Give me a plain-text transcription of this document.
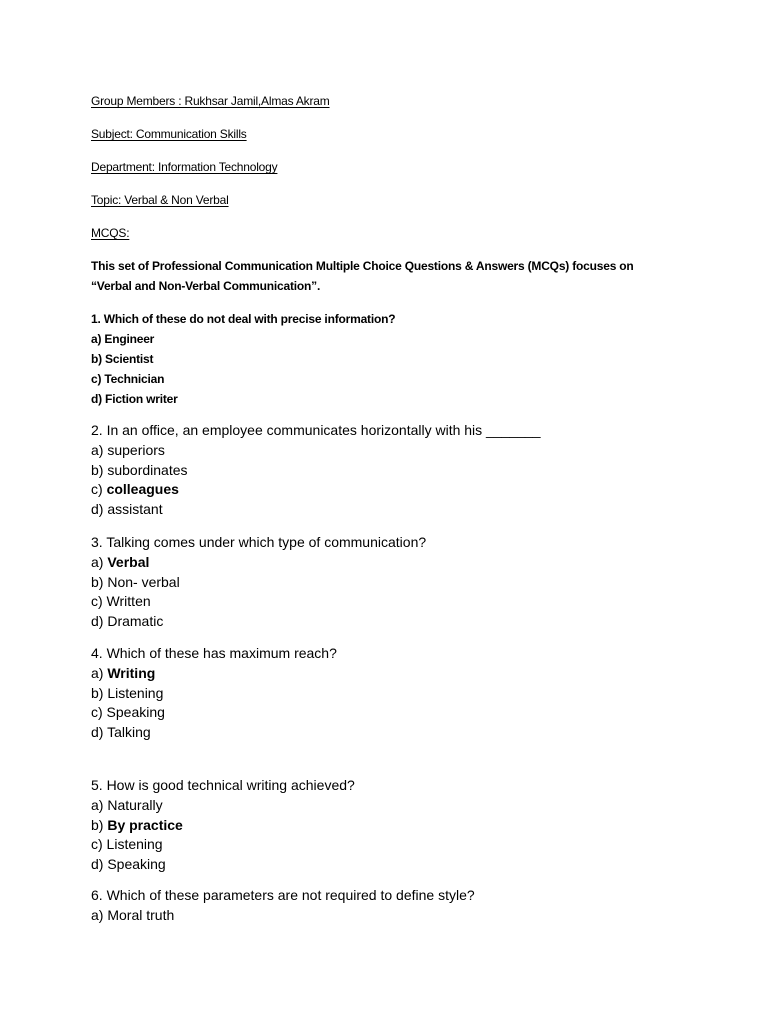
Group Members : Rukhsar Jamil,Almas Akram
Subject: Communication Skills
Department: Information Technology
Topic: Verbal & Non Verbal
MCQS:
This set of Professional Communication Multiple Choice Questions & Answers (MCQs) focuses on
“Verbal and Non-Verbal Communication”.
1. Which of these do not deal with precise information?
a) Engineer
b) Scientist
c) Technician
d) Fiction writer
2. In an office, an employee communicates horizontally with his _______
a) superiors
b) subordinates
c) colleagues
d) assistant
3. Talking comes under which type of communication?
a) Verbal
b) Non- verbal
c) Written
d) Dramatic
4. Which of these has maximum reach?
a) Writing
b) Listening
c) Speaking
d) Talking
5. How is good technical writing achieved?
a) Naturally
b) By practice
c) Listening
d) Speaking
6. Which of these parameters are not required to define style?
a) Moral truth
